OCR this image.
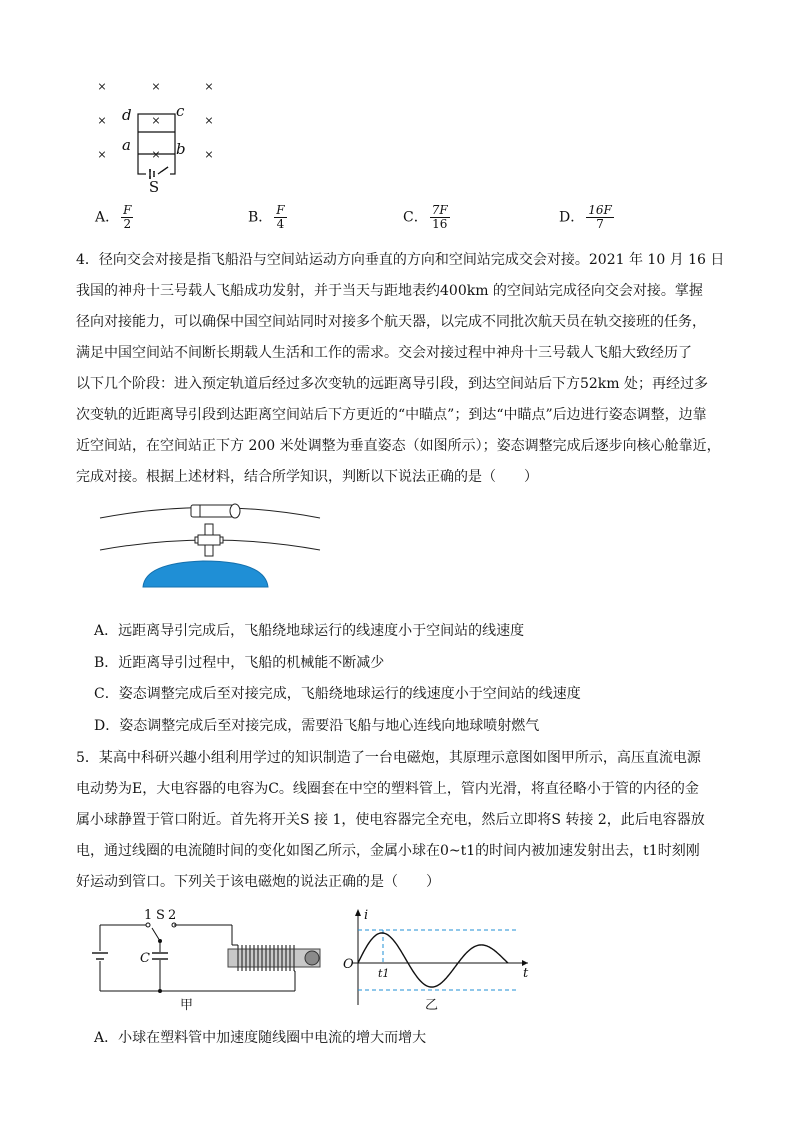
×	×	×
×	×	×
×	×	×
d	c
a	b
S
A． $\frac{F}{2}$	B． $\frac{F}{4}$	C． $\frac{7F}{16}$	D． $\frac{16F}{7}$
4．径向交会对接是指飞船沿与空间站运动方向垂直的方向和空间站完成交会对接。2021 年 10 月 16 日
我国的神舟十三号载人飞船成功发射，并于当天与距地表约400km 的空间站完成径向交会对接。掌握
径向对接能力，可以确保中国空间站同时对接多个航天器，以完成不同批次航天员在轨交接班的任务，
满足中国空间站不间断长期载人生活和工作的需求。交会对接过程中神舟十三号载人飞船大致经历了
以下几个阶段：进入预定轨道后经过多次变轨的远距离导引段，到达空间站后下方52km 处；再经过多
次变轨的近距离导引段到达距离空间站后下方更近的“中瞄点”；到达“中瞄点”后边进行姿态调整，边靠
近空间站，在空间站正下方 200 米处调整为垂直姿态（如图所示）；姿态调整完成后逐步向核心舱靠近，
完成对接。根据上述材料，结合所学知识，判断以下说法正确的是（　　）
A．远距离导引完成后，飞船绕地球运行的线速度小于空间站的线速度
B．近距离导引过程中，飞船的机械能不断减少
C．姿态调整完成后至对接完成，飞船绕地球运行的线速度小于空间站的线速度
D．姿态调整完成后至对接完成，需要沿飞船与地心连线向地球喷射燃气
5．某高中科研兴趣小组利用学过的知识制造了一台电磁炮，其原理示意图如图甲所示，高压直流电源
电动势为E，大电容器的电容为C。线圈套在中空的塑料管上，管内光滑，将直径略小于管的内径的金
属小球静置于管口附近。首先将开关S 接 1，使电容器完全充电，然后立即将S 转接 2，此后电容器放
电，通过线圈的电流随时间的变化如图乙所示，金属小球在0~t1的时间内被加速发射出去，t1时刻刚
好运动到管口。下列关于该电磁炮的说法正确的是（　　）
1 S 2
C
甲
i
O
t
t1
乙
A．小球在塑料管中加速度随线圈中电流的增大而增大
